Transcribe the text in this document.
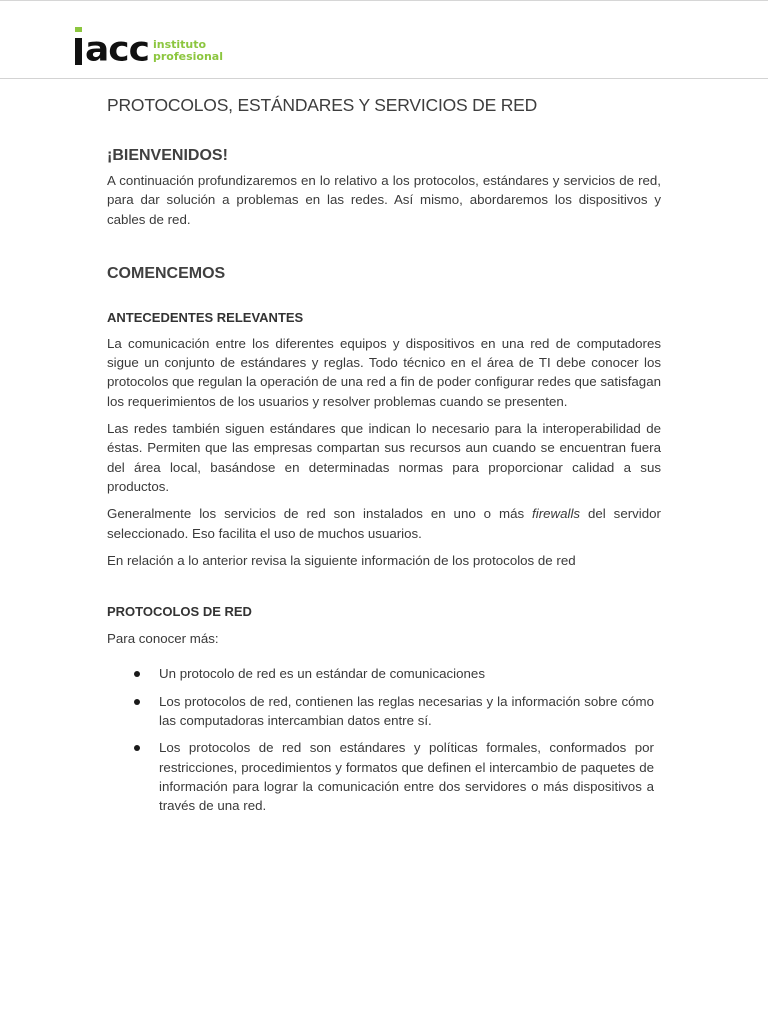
acc instituto
profesional
PROTOCOLOS, ESTÁNDARES Y SERVICIOS DE RED
¡BIENVENIDOS!

A continuación profundizaremos en lo relativo a los protocolos, estándares y servicios de red, para dar solución a problemas en las redes. Así mismo, abordaremos los dispositivos y cables de red.

COMENCEMOS
ANTECEDENTES RELEVANTES

La comunicación entre los diferentes equipos y dispositivos en una red de computadores sigue un conjunto de estándares y reglas. Todo técnico en el área de TI debe conocer los protocolos que regulan la operación de una red a fin de poder configurar redes que satisfagan los requerimientos de los usuarios y resolver problemas cuando se presenten.

Las redes también siguen estándares que indican lo necesario para la interoperabilidad de éstas. Permiten que las empresas compartan sus recursos aun cuando se encuentran fuera del área local, basándose en determinadas normas para proporcionar calidad a sus productos.

Generalmente los servicios de red son instalados en uno o más firewalls del servidor seleccionado. Eso facilita el uso de muchos usuarios.

En relación a lo anterior revisa la siguiente información de los protocolos de red

PROTOCOLOS DE RED

Para conocer más:

Un protocolo de red es un estándar de comunicaciones
Los protocolos de red, contienen las reglas necesarias y la información sobre cómo las computadoras intercambian datos entre sí.
Los protocolos de red son estándares y políticas formales, conformados por restricciones, procedimientos y formatos que definen el intercambio de paquetes de información para lograr la comunicación entre dos servidores o más dispositivos a través de una red.
